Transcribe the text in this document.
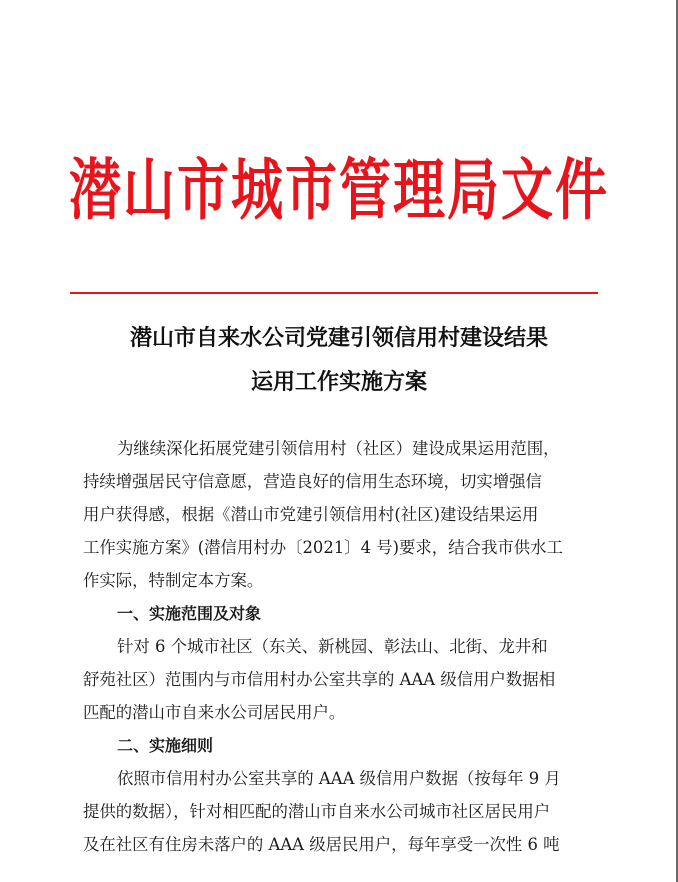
潜山市城市管理局文件
潜山市自来水公司党建引领信用村建设结果
运用工作实施方案
为继续深化拓展党建引领信用村（社区）建设成果运用范围，
持续增强居民守信意愿，营造良好的信用生态环境，切实增强信
用户获得感，根据《潜山市党建引领信用村(社区)建设结果运用
工作实施方案》(潜信用村办〔2021〕4 号)要求，结合我市供水工
作实际，特制定本方案。
一、实施范围及对象
针对 6 个城市社区（东关、新桃园、彰法山、北街、龙井和
舒苑社区）范围内与市信用村办公室共享的 AAA 级信用户数据相
匹配的潜山市自来水公司居民用户。
二、实施细则
依照市信用村办公室共享的 AAA 级信用户数据（按每年 9 月
提供的数据），针对相匹配的潜山市自来水公司城市社区居民用户
及在社区有住房未落户的 AAA 级居民用户，每年享受一次性 6 吨
